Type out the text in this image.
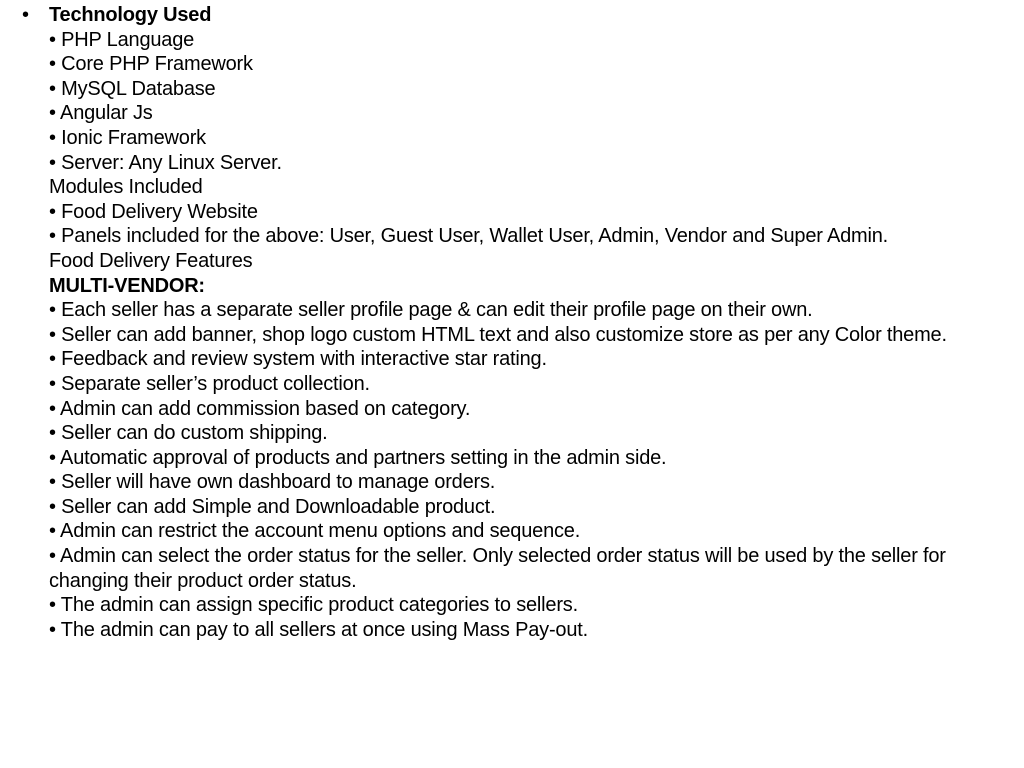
• Technology Used
• PHP Language
• Core PHP Framework
• MySQL Database
• Angular Js
• Ionic Framework
• Server: Any Linux Server.
Modules Included
• Food Delivery Website
• Panels included for the above: User, Guest User, Wallet User, Admin, Vendor and Super Admin.
Food Delivery Features
MULTI-VENDOR:
• Each seller has a separate seller profile page & can edit their profile page on their own.
• Seller can add banner, shop logo custom HTML text and also customize store as per any Color theme.
• Feedback and review system with interactive star rating.
• Separate seller’s product collection.
• Admin can add commission based on category.
• Seller can do custom shipping.
• Automatic approval of products and partners setting in the admin side.
• Seller will have own dashboard to manage orders.
• Seller can add Simple and Downloadable product.
• Admin can restrict the account menu options and sequence.
• Admin can select the order status for the seller. Only selected order status will be used by the seller for changing their product order status.
• The admin can assign specific product categories to sellers.
• The admin can pay to all sellers at once using Mass Pay-out.
